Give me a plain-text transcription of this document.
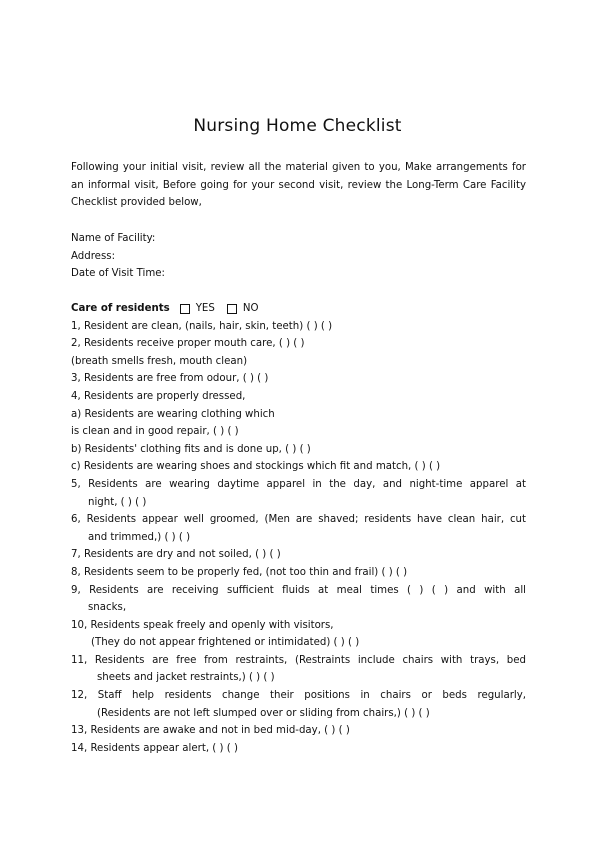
Nursing Home Checklist
Following your initial visit, review all the material given to you, Make arrangements for an informal visit, Before going for your second visit, review the Long-Term Care Facility Checklist provided below,
Name of Facility:
Address:
Date of Visit Time:
Care of residents	YES	NO
1, Resident are clean, (nails, hair, skin, teeth) ( ) ( )
2, Residents receive proper mouth care, ( ) ( )
(breath smells fresh, mouth clean)
3, Residents are free from odour, ( ) ( )
4, Residents are properly dressed,
a) Residents are wearing clothing which
is clean and in good repair, ( ) ( )
b) Residents' clothing fits and is done up, ( ) ( )
c) Residents are wearing shoes and stockings which fit and match, ( ) ( )
5, Residents are wearing daytime apparel in the day, and night-time apparel at
night, ( ) ( )
6, Residents appear well groomed, (Men are shaved; residents have clean hair, cut
and trimmed,) ( ) ( )
7, Residents are dry and not soiled, ( ) ( )
8, Residents seem to be properly fed, (not too thin and frail) ( ) ( )
9, Residents are receiving sufficient fluids at meal times ( ) ( ) and with all
snacks,
10, Residents speak freely and openly with visitors,
(They do not appear frightened or intimidated) ( ) ( )
11, Residents are free from restraints, (Restraints include chairs with trays, bed
sheets and jacket restraints,) ( ) ( )
12, Staff help residents change their positions in chairs or beds regularly,
(Residents are not left slumped over or sliding from chairs,) ( ) ( )
13, Residents are awake and not in bed mid-day, ( ) ( )
14, Residents appear alert, ( ) ( )
